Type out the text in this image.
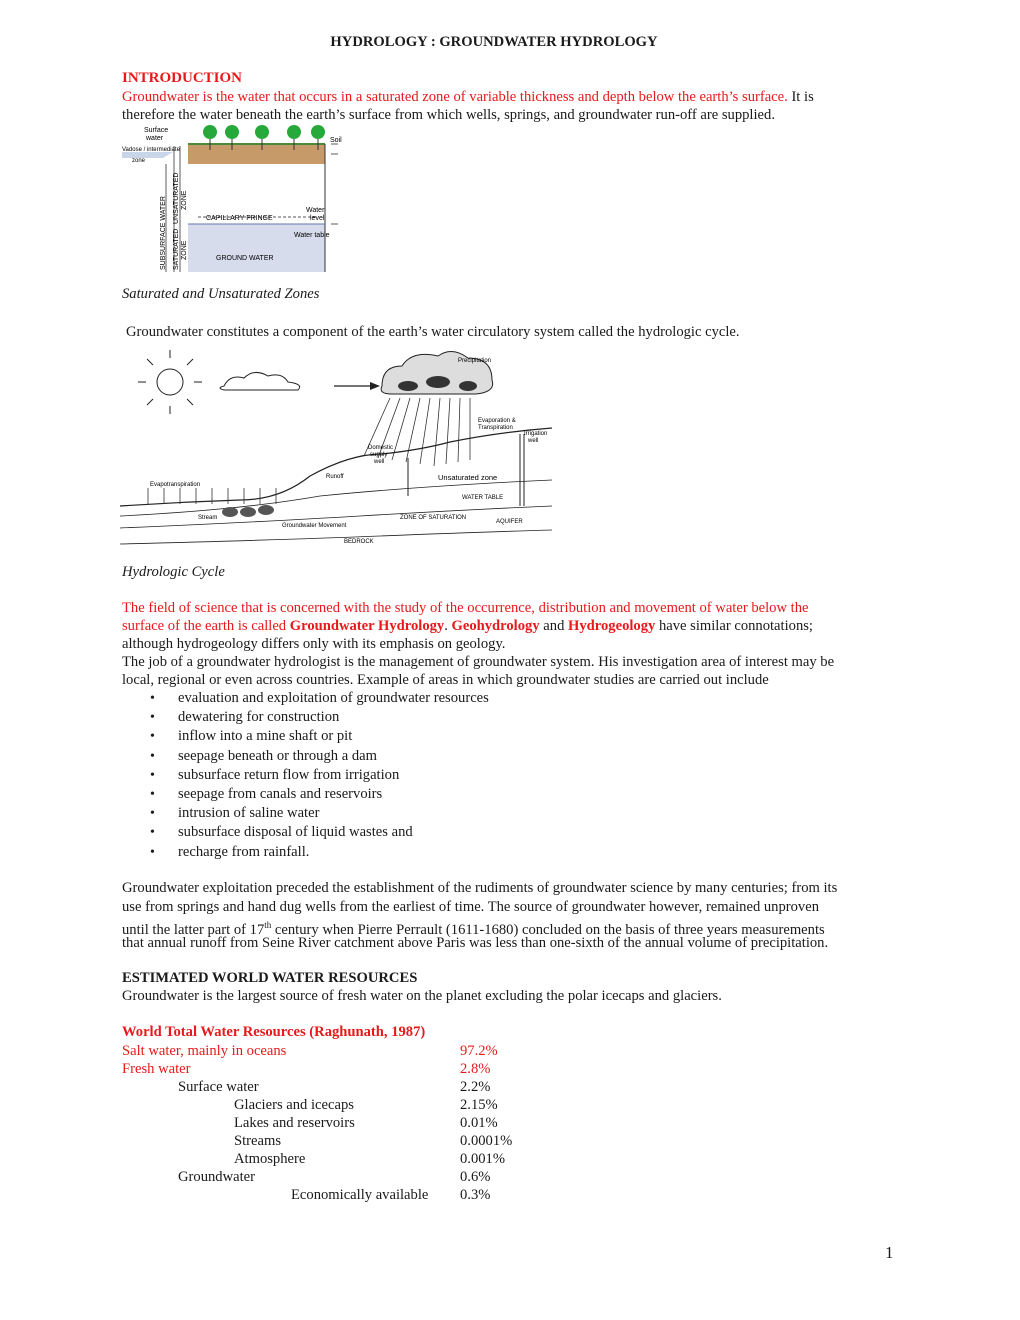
HYDROLOGY : GROUNDWATER HYDROLOGY
INTRODUCTION
Groundwater is the water that occurs in a saturated zone of variable thickness and depth below the earth’s surface. It is
therefore the water beneath the earth’s surface from which wells, springs, and groundwater run-off are supplied.
Surface water
Vadose / intermediate
zone
Soil
CAPILLARY FRINGE
Water
level
Water table
GROUND WATER
SUBSURFACE WATER UNSATURATED ZONE
SATURATED ZONE
Saturated and Unsaturated Zones
Groundwater constitutes a component of the earth’s water circulatory system called the hydrologic cycle.
Precipitation
Evaporation &
Transpiration
Irrigation
well
Domestic
supply
well
Evapotranspiration
Runoff	Unsaturated zone
WATER TABLE
ZONE OF SATURATION
AQUIFER
Stream
Groundwater Movement
BEDROCK
Hydrologic Cycle
The field of science that is concerned with the study of the occurrence, distribution and movement of water below the
surface of the earth is called Groundwater Hydrology. Geohydrology and Hydrogeology have similar connotations;
although hydrogeology differs only with its emphasis on geology.
The job of a groundwater hydrologist is the management of groundwater system. His investigation area of interest may be
local, regional or even across countries. Example of areas in which groundwater studies are carried out include
• evaluation and exploitation of groundwater resources
• dewatering for construction
• inflow into a mine shaft or pit
• seepage beneath or through a dam
• subsurface return flow from irrigation
• seepage from canals and reservoirs
• intrusion of saline water
• subsurface disposal of liquid wastes and
• recharge from rainfall.
Groundwater exploitation preceded the establishment of the rudiments of groundwater science by many centuries; from its
use from springs and hand dug wells from the earliest of time. The source of groundwater however, remained unproven
until the latter part of 17th century when Pierre Perrault (1611-1680) concluded on the basis of three years measurements
that annual runoff from Seine River catchment above Paris was less than one-sixth of the annual volume of precipitation.
ESTIMATED WORLD WATER RESOURCES
Groundwater is the largest source of fresh water on the planet excluding the polar icecaps and glaciers.
World Total Water Resources (Raghunath, 1987)
Salt water, mainly in oceans	97.2%
Fresh water	2.8%
Surface water	2.2%
Glaciers and icecaps	2.15%
Lakes and reservoirs	0.01%
Streams	0.0001%
Atmosphere	0.001%
Groundwater	0.6%
Economically available 0.3%
1
